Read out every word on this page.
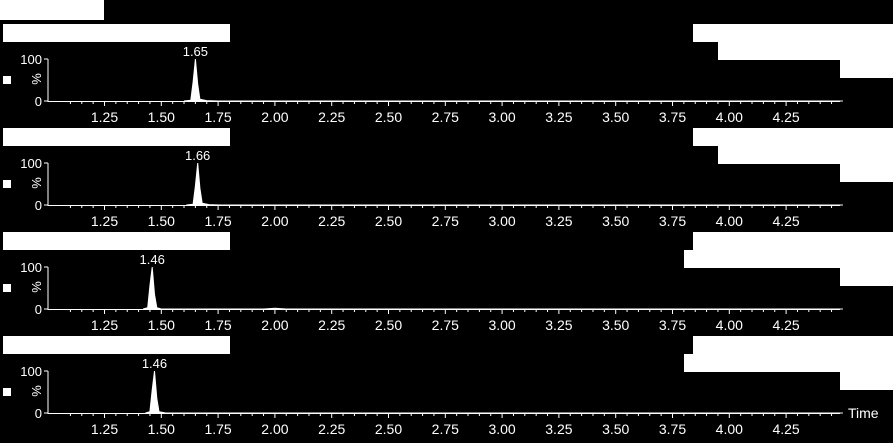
%
0
100
1.25 1.50 1.75 2.00 2.25 2.50 2.75 3.00 3.25 3.50 3.75 4.00 4.25
1.65
%
0
100
1.25 1.50 1.75 2.00 2.25 2.50 2.75 3.00 3.25 3.50 3.75 4.00 4.25
1.66
%
0
100
1.25 1.50 1.75 2.00 2.25 2.50 2.75 3.00 3.25 3.50 3.75 4.00 4.25
1.46
%
0
100
1.25 1.50 1.75 2.00 2.25 2.50 2.75 3.00 3.25 3.50 3.75 4.00 4.25
1.46
Time
